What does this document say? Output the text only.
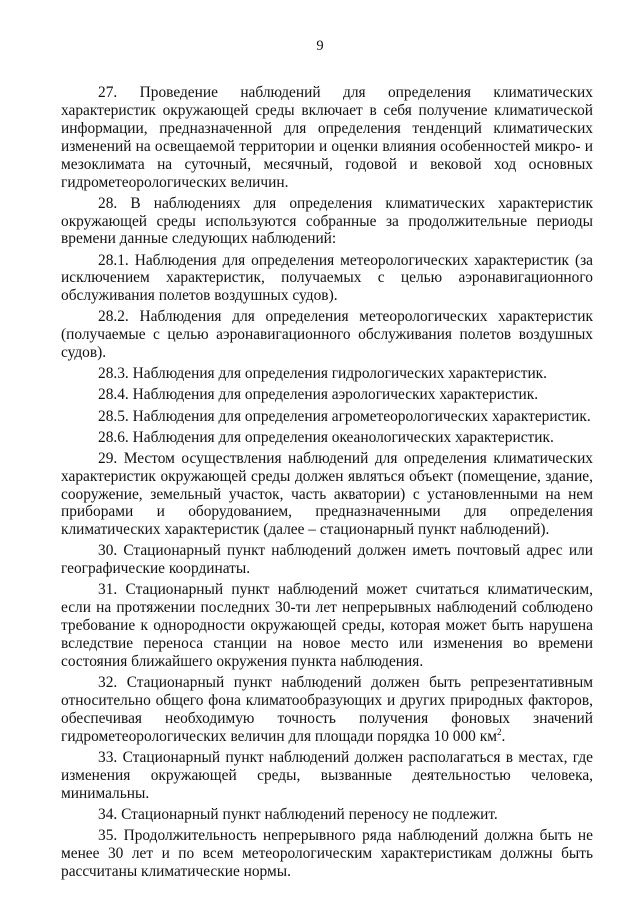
9

27. Проведение наблюдений для определения климатических характеристик окружающей среды включает в себя получение климатической информации, предназначенной для определения тенденций климатических изменений на освещаемой территории и оценки влияния особенностей микро- и мезоклимата на суточный, месячный, годовой и вековой ход основных гидрометеорологических величин.

28. В наблюдениях для определения климатических характеристик окружающей среды используются собранные за продолжительные периоды времени данные следующих наблюдений:

28.1. Наблюдения для определения метеорологических характеристик (за исключением характеристик, получаемых с целью аэронавигационного обслуживания полетов воздушных судов).

28.2. Наблюдения для определения метеорологических характеристик (получаемые с целью аэронавигационного обслуживания полетов воздушных судов).

28.3. Наблюдения для определения гидрологических характеристик.

28.4. Наблюдения для определения аэрологических характеристик.

28.5. Наблюдения для определения агрометеорологических характеристик.

28.6. Наблюдения для определения океанологических характеристик.

29. Местом осуществления наблюдений для определения климатических характеристик окружающей среды должен являться объект (помещение, здание, сооружение, земельный участок, часть акватории) с установленными на нем приборами и оборудованием, предназначенными для определения климатических характеристик (далее – стационарный пункт наблюдений).

30. Стационарный пункт наблюдений должен иметь почтовый адрес или географические координаты.

31. Стационарный пункт наблюдений может считаться климатическим, если на протяжении последних 30-ти лет непрерывных наблюдений соблюдено требование к однородности окружающей среды, которая может быть нарушена вследствие переноса станции на новое место или изменения во времени состояния ближайшего окружения пункта наблюдения.

32. Стационарный пункт наблюдений должен быть репрезентативным относительно общего фона климатообразующих и других природных факторов, обеспечивая необходимую точность получения фоновых значений гидрометеорологических величин для площади порядка 10 000 $км^2$.

33. Стационарный пункт наблюдений должен располагаться в местах, где изменения окружающей среды, вызванные деятельностью человека, минимальны.

34. Стационарный пункт наблюдений переносу не подлежит.

35. Продолжительность непрерывного ряда наблюдений должна быть не менее 30 лет и по всем метеорологическим характеристикам должны быть рассчитаны климатические нормы.
